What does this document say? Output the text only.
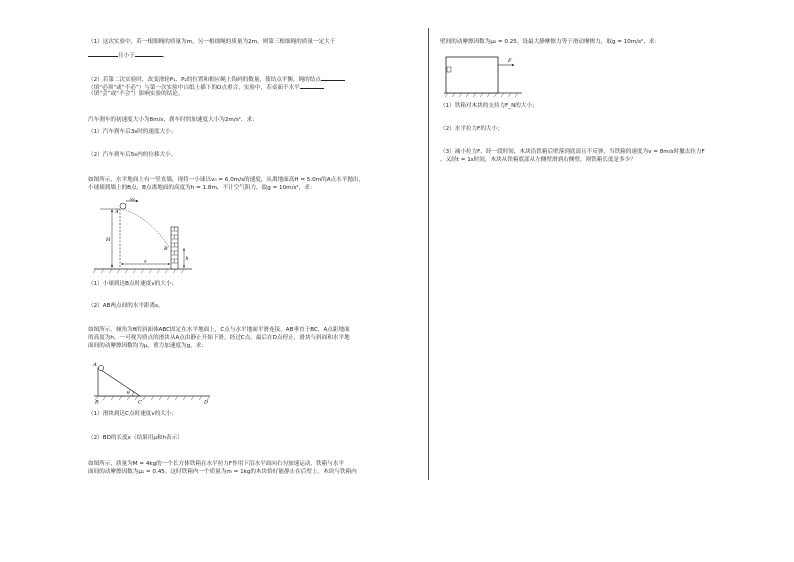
（1）这次实验中，若一根细绳的质量为m，另一根细绳的质量为2m，则第三根细绳的质量一定大于

且小于	。

（2）若第二次实验时，改变滑轮P₁、P₂的位置和相应绳上钩码的数量，使结点平衡，绳的结点

（填“必须”或“不必”）与第一次实验中白纸上描下的O点重合，实验中，若桌面不水平

（填“会”或“不会”）影响实验的结论。

汽车刹车的初速度大小为8m/s，刹车时的加速度大小为2m/s²，求：

（1）汽车刹车后3s时的速度大小；

（2）汽车刹车后5s内的位移大小。

如图所示，水平地面上有一竖直墙，现将一小球以v₀ = 6.0m/s的速度，从离地面高H = 5.0m的A点水平抛出，

小球撞到墙上的B点，B点离地面的高度为h = 1.8m，不计空气阻力，取g = 10m/s²，求：

v₀
A
H
B
h
s

（1）小球到达B点时速度v的大小；

（2）AB两点间的水平距离s。

如图所示，倾角为θ的斜面体ABC固定在水平地面上，C点与水平地面平滑连接，AB垂直于BC，A点距地面

的高度为h。一可视为质点的滑块从A点由静止开始下滑，经过C点，最后在D点停止，滑块与斜面和水平地

面间的动摩擦因数均为μ，重力加速度为g，求：

A
B	C	D
θ

（1）滑块到达C点时速度v的大小；

（2）BD的长度x（结果用μ和h表示）

如图所示，质量为M = 4kg的一个长方体铁箱在水平拉力F作用下沿水平面向右匀加速运动，铁箱与水平

面间的动摩擦因数为μ₁ = 0.45。这时铁箱内一个质量为m = 1kg的木块恰好能静止在后壁上。木块与铁箱内

壁间的动摩擦因数为μ₂ = 0.25。设最大静摩擦力等于滑动摩擦力，取g = 10m/s²，求：

F

（1）铁箱对木块的支持力F_N的大小；

（2）水平拉力F的大小；

（3）减小拉力F，经一段时间，木块沿铁箱后壁落到底部且不反弹，当铁箱的速度为v = 8m/s时撤去拉力F

，又经t = 1s时间，木块从铁箱底部从左侧壁滑到右侧壁，则铁箱长度是多少？
